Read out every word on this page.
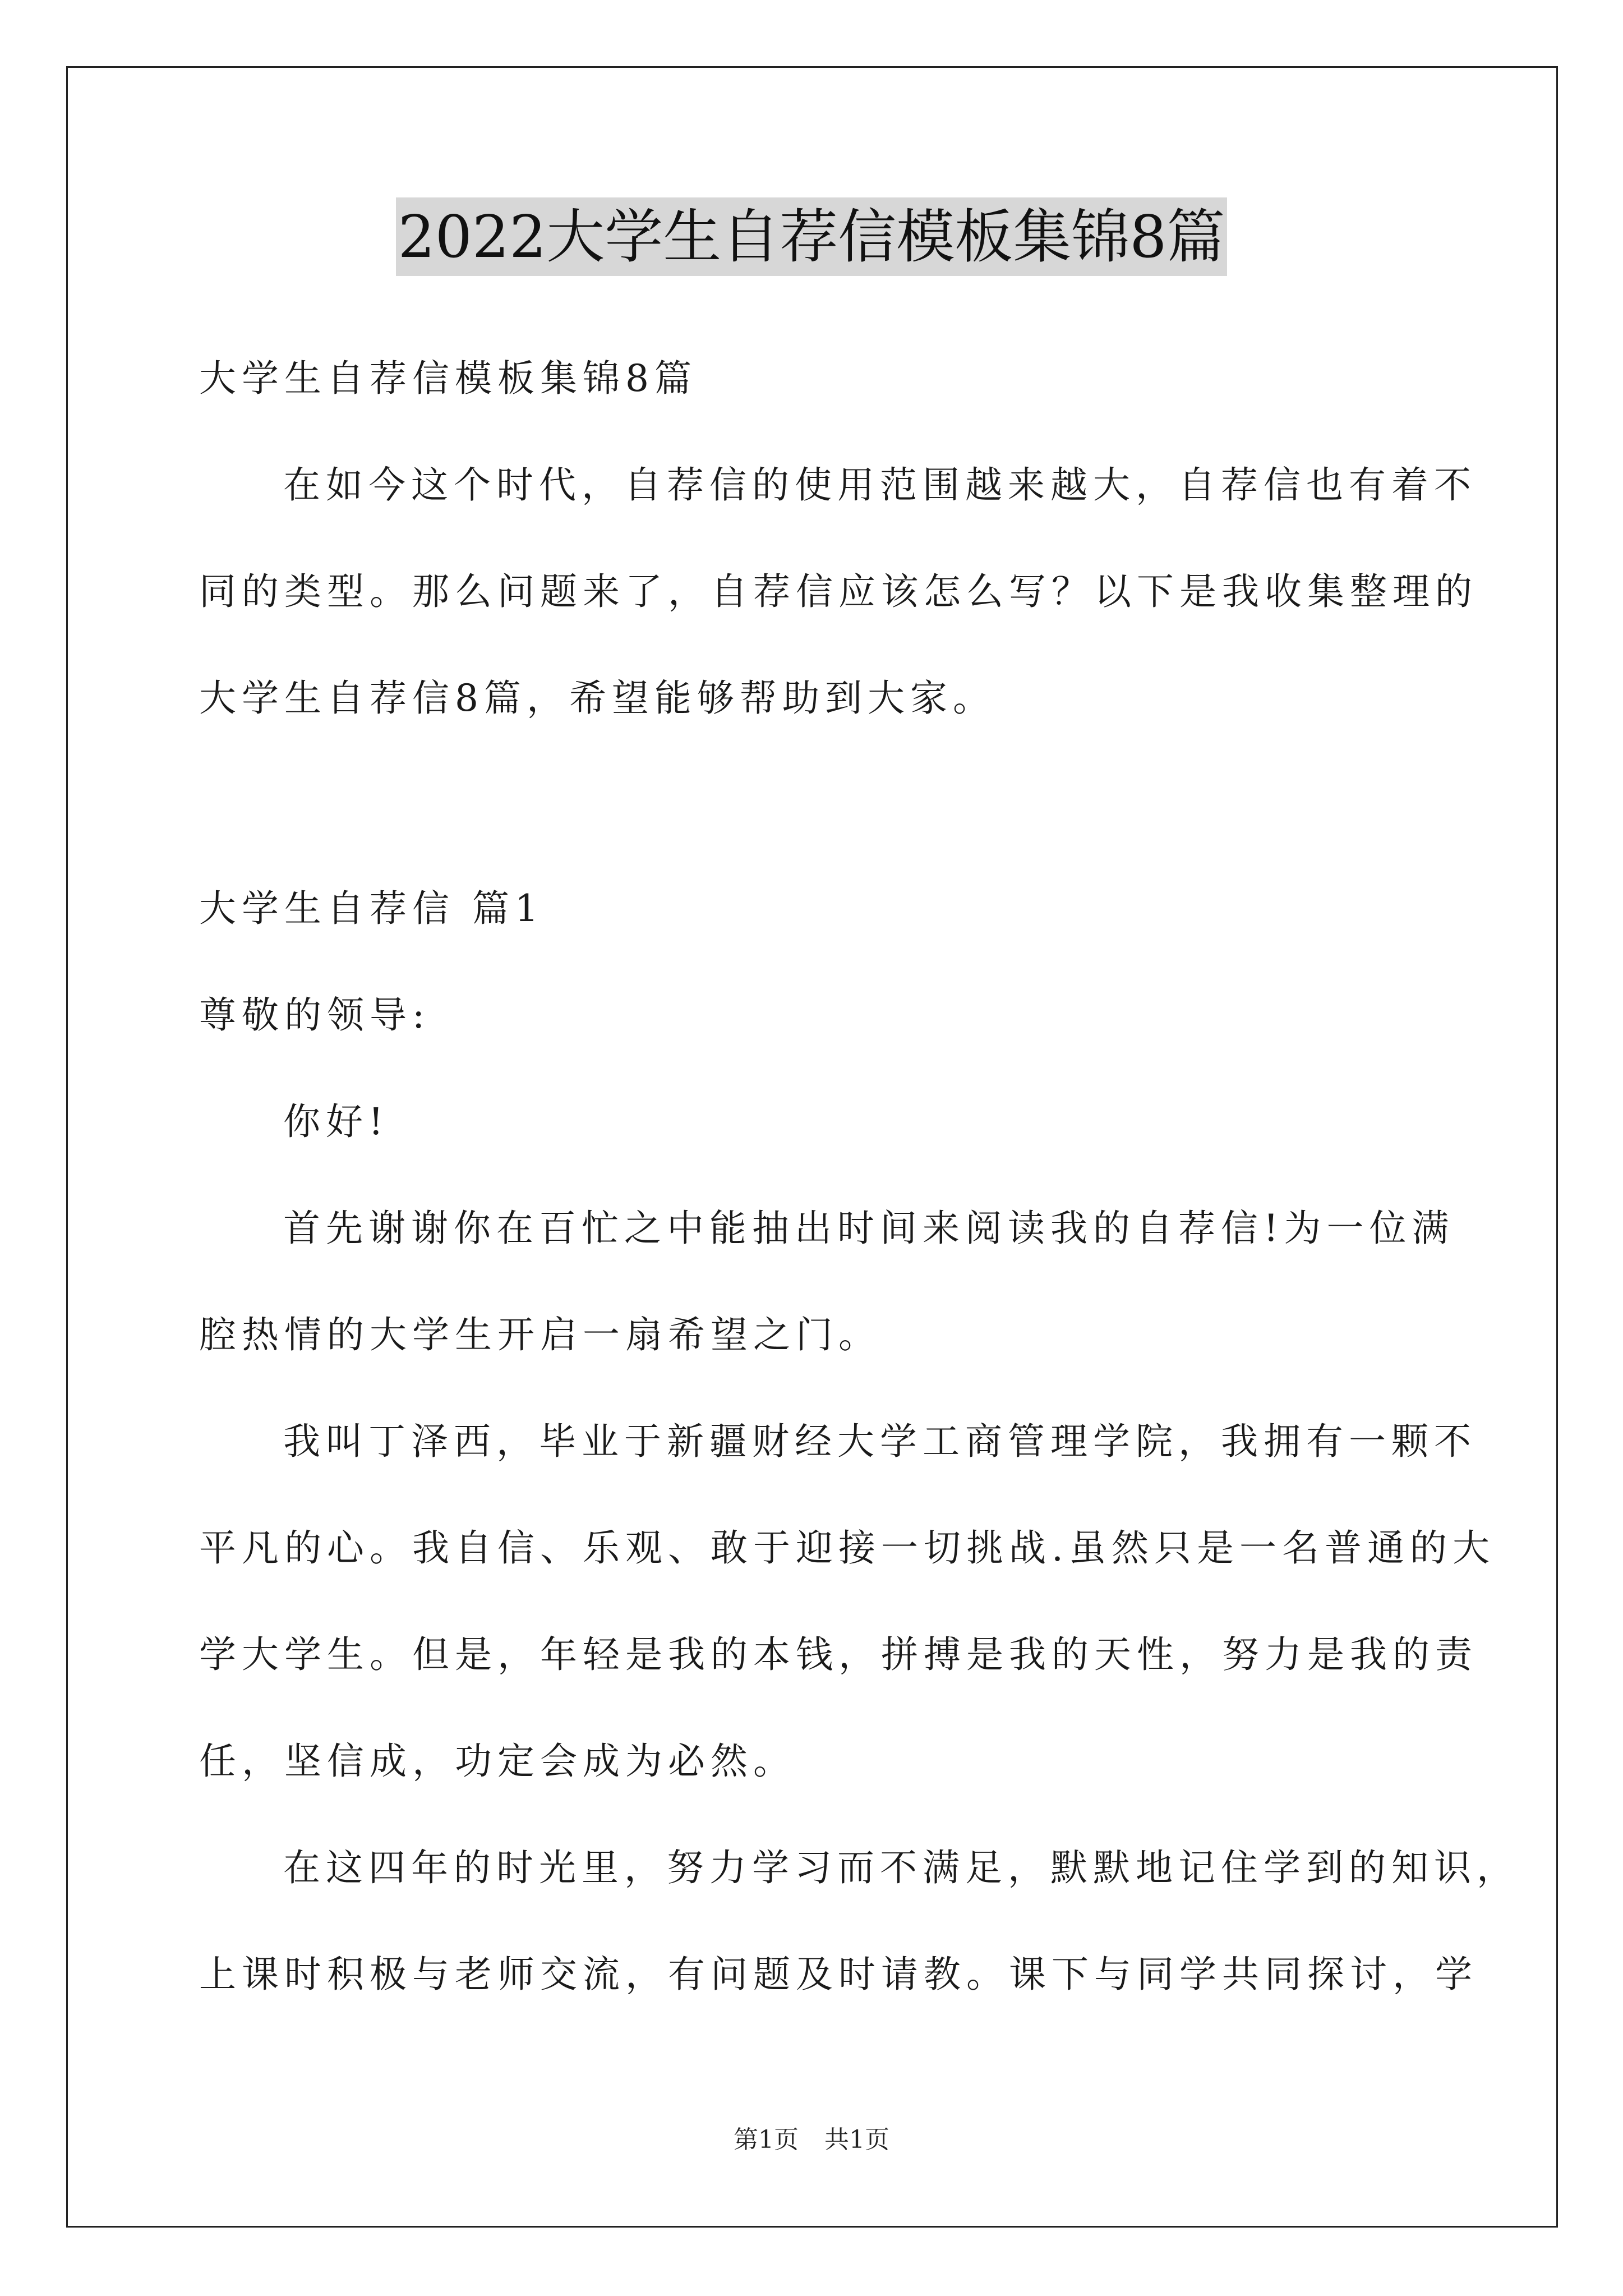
2022大学生自荐信模板集锦8篇
大学生自荐信模板集锦8篇
在如今这个时代，自荐信的使用范围越来越大，自荐信也有着不
同的类型。那么问题来了，自荐信应该怎么写？以下是我收集整理的
大学生自荐信8篇，希望能够帮助到大家。
大学生自荐信 篇1
尊敬的领导:
你好!
首先谢谢你在百忙之中能抽出时间来阅读我的自荐信!为一位满
腔热情的大学生开启一扇希望之门。
我叫丁泽西，毕业于新疆财经大学工商管理学院，我拥有一颗不
平凡的心。我自信、乐观、敢于迎接一切挑战.虽然只是一名普通的大
学大学生。但是，年轻是我的本钱，拼搏是我的天性，努力是我的责
任，坚信成，功定会成为必然。
在这四年的时光里，努力学习而不满足，默默地记住学到的知识，
上课时积极与老师交流，有问题及时请教。课下与同学共同探讨，学
第1页 共1页
